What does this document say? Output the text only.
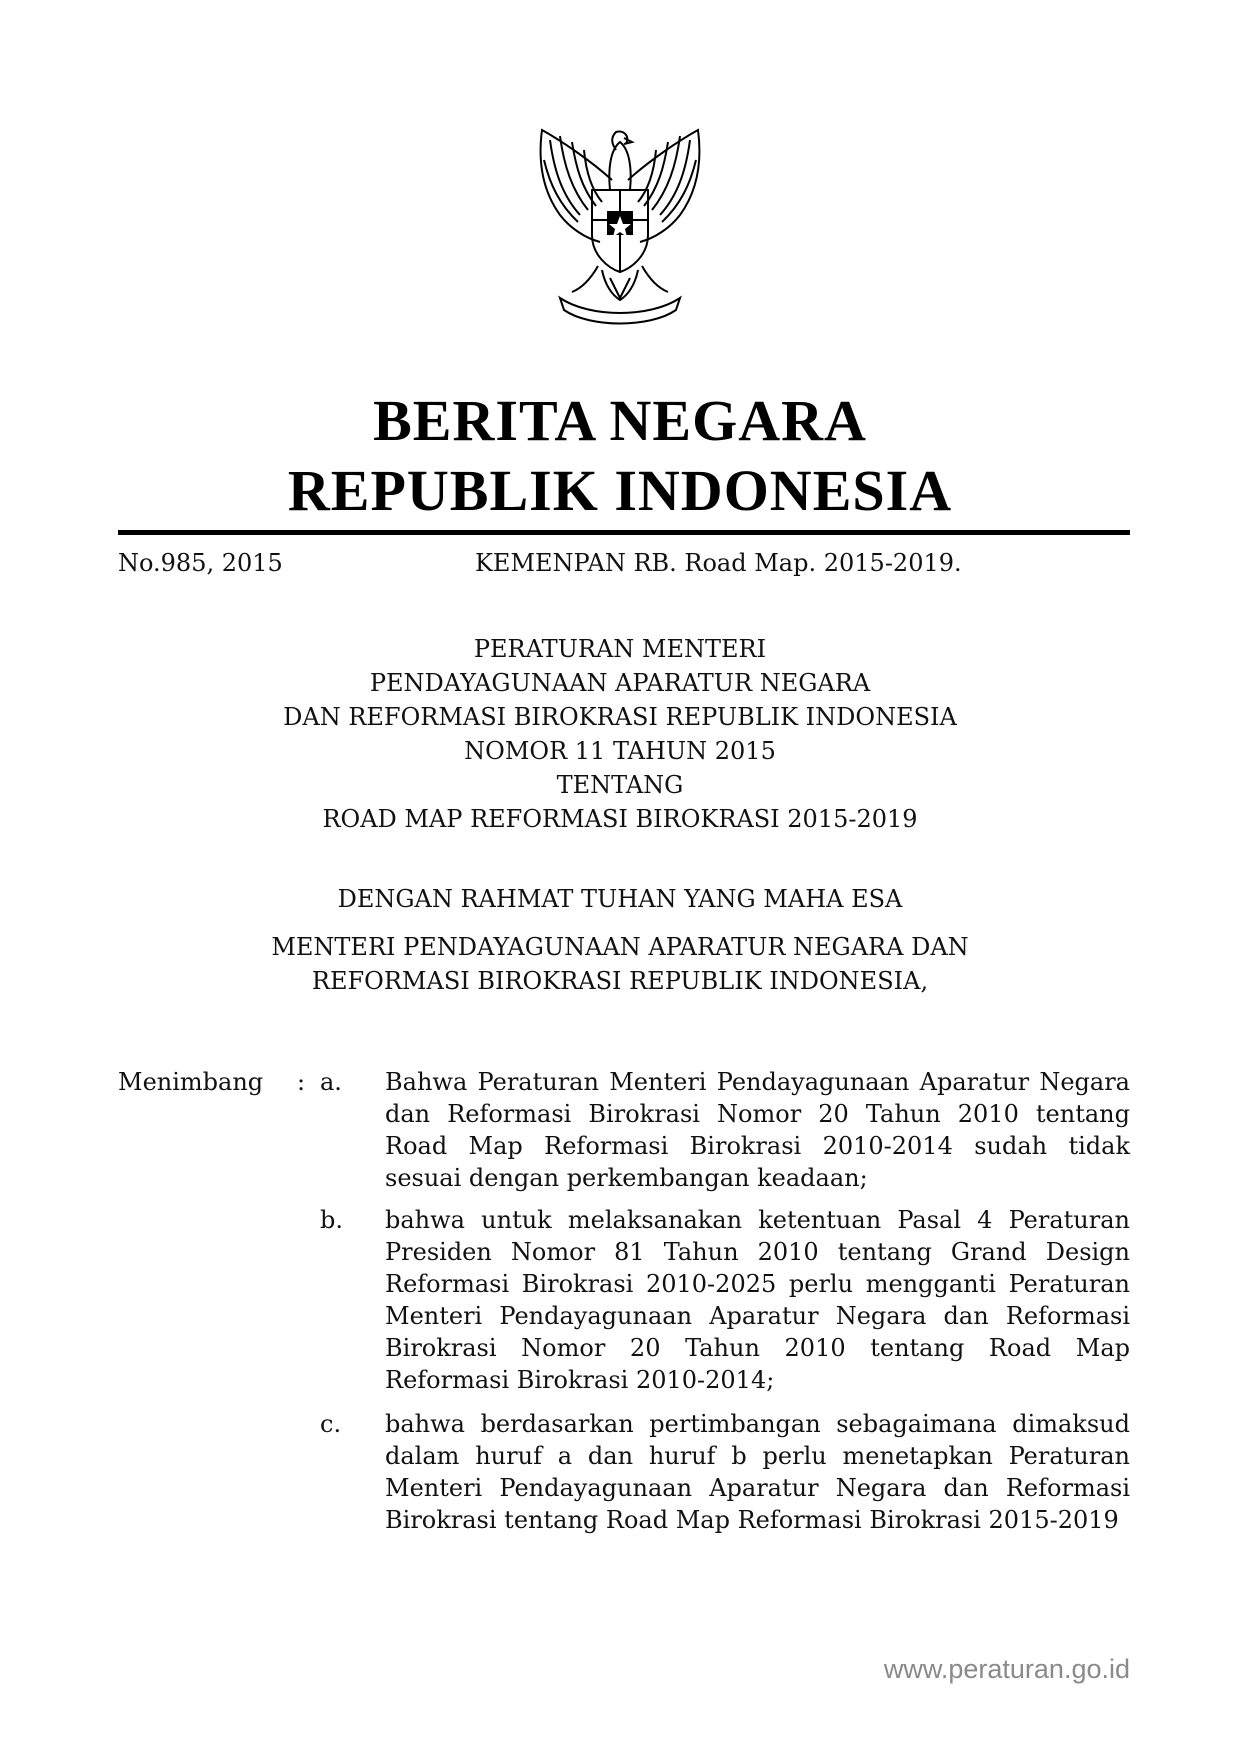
BERITA NEGARA
REPUBLIK INDONESIA
No.985, 2015	KEMENPAN RB. Road Map. 2015-2019.
PERATURAN MENTERI
PENDAYAGUNAAN APARATUR NEGARA
DAN REFORMASI BIROKRASI REPUBLIK INDONESIA
NOMOR 11 TAHUN 2015
TENTANG
ROAD MAP REFORMASI BIROKRASI 2015-2019
DENGAN RAHMAT TUHAN YANG MAHA ESA
MENTERI PENDAYAGUNAAN APARATUR NEGARA DAN
REFORMASI BIROKRASI REPUBLIK INDONESIA,
Menimbang : a. Bahwa Peraturan Menteri Pendayagunaan Aparatur Negara dan Reformasi Birokrasi Nomor 20 Tahun 2010 tentang Road Map Reformasi Birokrasi 2010-2014 sudah tidak sesuai dengan perkembangan keadaan;
b. bahwa untuk melaksanakan ketentuan Pasal 4 Peraturan Presiden Nomor 81 Tahun 2010 tentang Grand Design Reformasi Birokrasi 2010-2025 perlu mengganti Peraturan Menteri Pendayagunaan Aparatur Negara dan Reformasi Birokrasi Nomor 20 Tahun 2010 tentang Road Map Reformasi Birokrasi 2010-2014;
c. bahwa berdasarkan pertimbangan sebagaimana dimaksud dalam huruf a dan huruf b perlu menetapkan Peraturan Menteri Pendayagunaan Aparatur Negara dan Reformasi Birokrasi tentang Road Map Reformasi Birokrasi 2015-2019
www.peraturan.go.id
